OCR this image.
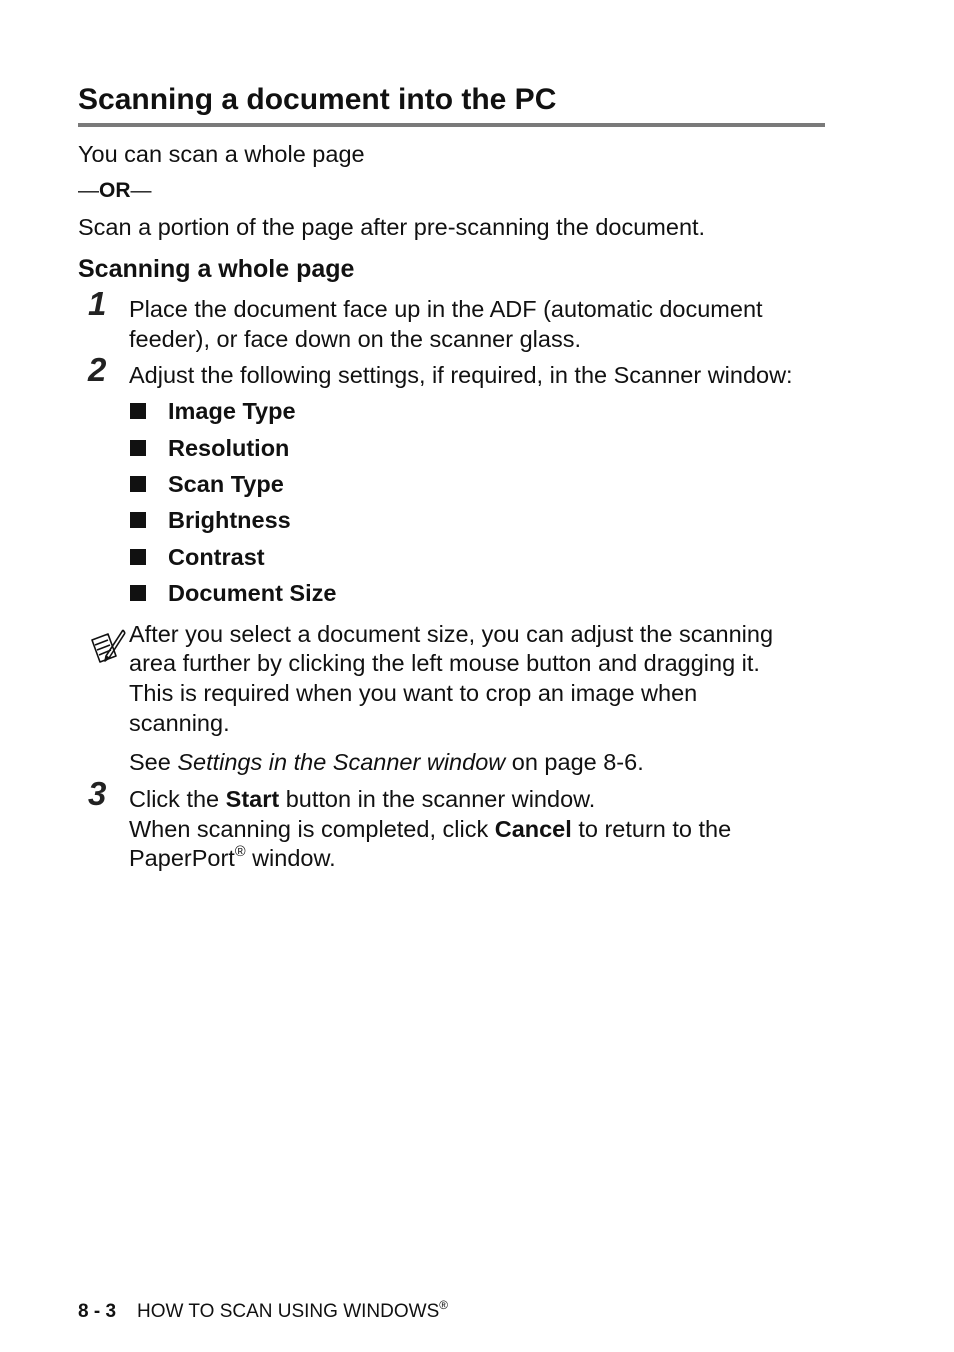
Scanning a document into the PC
You can scan a whole page
—OR—
Scan a portion of the page after pre-scanning the document.
Scanning a whole page
1 Place the document face up in the ADF (automatic document
feeder), or face down on the scanner glass.
2 Adjust the following settings, if required, in the Scanner window:
Image Type
Resolution
Scan Type
Brightness
Contrast
Document Size
After you select a document size, you can adjust the scanning
area further by clicking the left mouse button and dragging it.
This is required when you want to crop an image when
scanning.
See Settings in the Scanner window on page 8-6.
3 Click the Start button in the scanner window.
When scanning is completed, click Cancel to return to the
PaperPort® window.
8 - 3 HOW TO SCAN USING WINDOWS®
